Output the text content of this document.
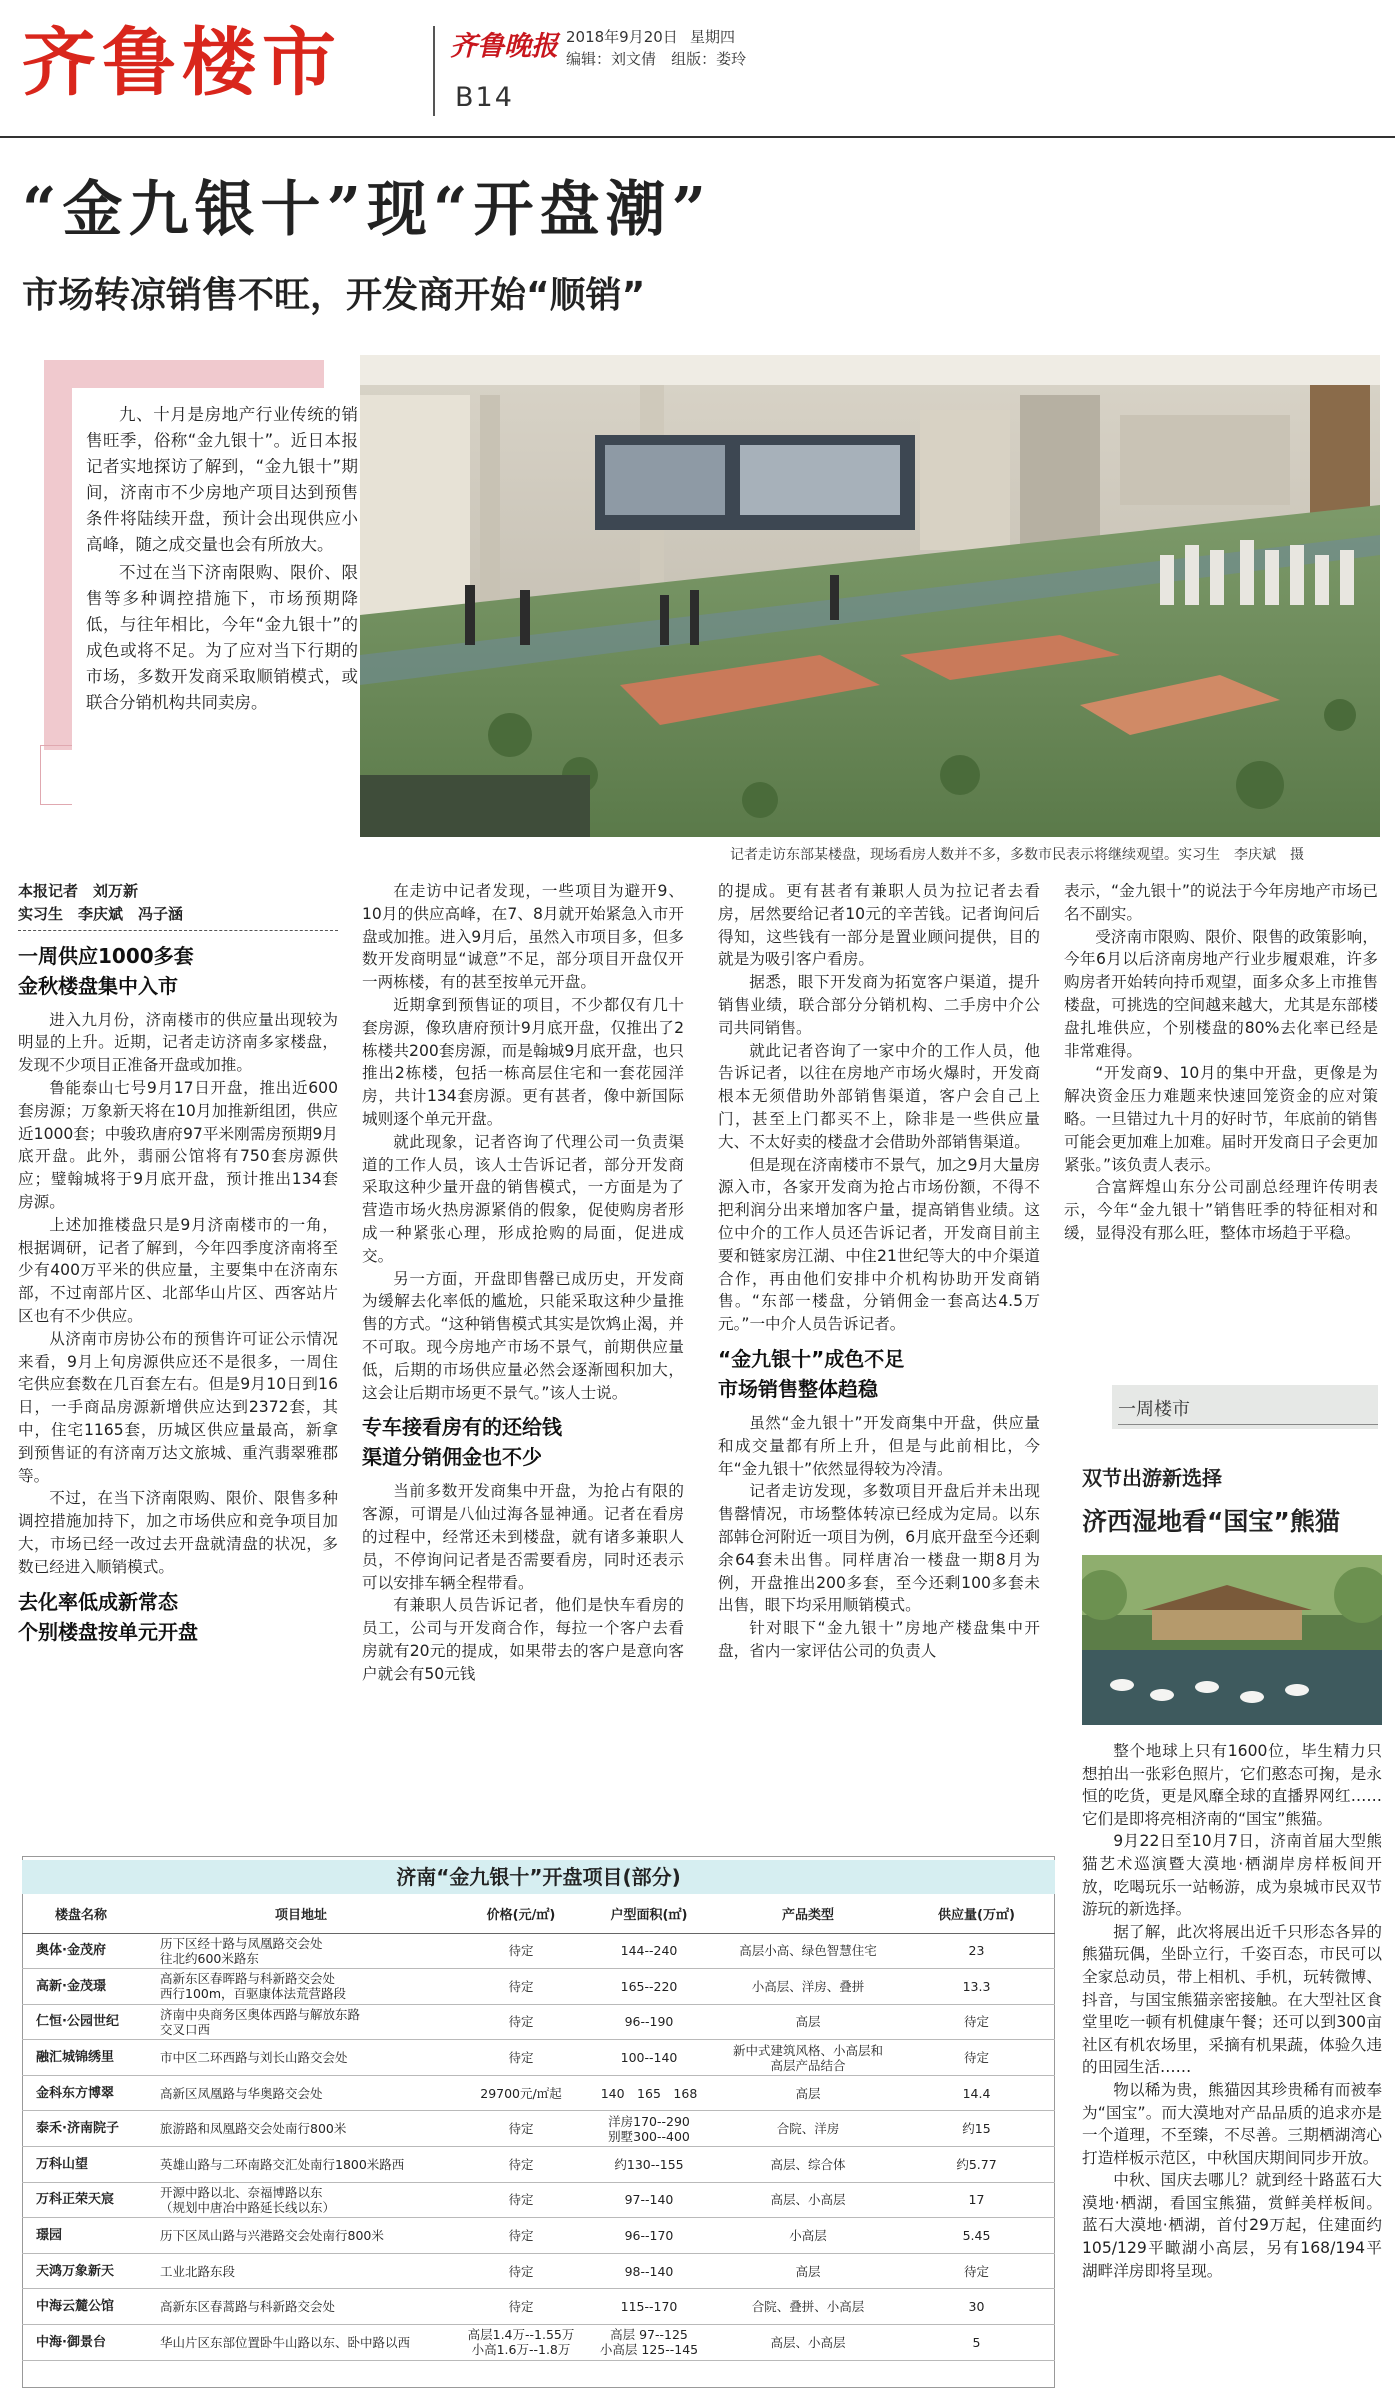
齐鲁楼市	齐鲁晚报 2018年9月20日 星期四
编辑：刘文倩　 组版：娄玲
B14
“金九银十”现“开盘潮”
市场转凉销售不旺，开发商开始“顺销”

九、十月是房地产行业传统的销售旺季，俗称“金九银十”。近日本报记者实地探访了解到，“金九银十”期间，济南市不少房地产项目达到预售条件将陆续开盘，预计会出现供应小高峰，随之成交量也会有所放大。

不过在当下济南限购、限价、限售等多种调控措施下，市场预期降低，与往年相比，今年“金九银十”的成色或将不足。为了应对当下行期的市场，多数开发商采取顺销模式，或联合分销机构共同卖房。

记者走访东部某楼盘，现场看房人数并不多，多数市民表示将继续观望。实习生　李庆斌　摄

本报记者　刘万新

实习生　李庆斌　冯子涵

一周供应1000多套
金秋楼盘集中入市

进入九月份，济南楼市的供应量出现较为明显的上升。近期，记者走访济南多家楼盘，发现不少项目正准备开盘或加推。

鲁能泰山七号9月17日开盘，推出近600套房源；万象新天将在10月加推新组团，供应近1000套；中骏玖唐府97平米刚需房预期9月底开盘。此外，翡丽公馆将有750套房源供应；璧翰城将于9月底开盘，预计推出134套房源。

上述加推楼盘只是9月济南楼市的一角，根据调研，记者了解到，今年四季度济南将至少有400万平米的供应量，主要集中在济南东部，不过南部片区、北部华山片区、西客站片区也有不少供应。

从济南市房协公布的预售许可证公示情况来看，9月上旬房源供应还不是很多，一周住宅供应套数在几百套左右。但是9月10日到16日，一手商品房源新增供应达到2372套，其中，住宅1165套，历城区供应量最高，新拿到预售证的有济南万达文旅城、重汽翡翠雅郡等。

不过，在当下济南限购、限价、限售多种调控措施加持下，加之市场供应和竞争项目加大，市场已经一改过去开盘就清盘的状况，多数已经进入顺销模式。

去化率低成新常态
个别楼盘按单元开盘

在走访中记者发现，一些项目为避开9、10月的供应高峰，在7、8月就开始紧急入市开盘或加推。进入9月后，虽然入市项目多，但多数开发商明显“诚意”不足，部分项目开盘仅开一两栋楼，有的甚至按单元开盘。

近期拿到预售证的项目，不少都仅有几十套房源，像玖唐府预计9月底开盘，仅推出了2栋楼共200套房源，而是翰城9月底开盘，也只推出2栋楼，包括一栋高层住宅和一套花园洋房，共计134套房源。更有甚者，像中新国际城则逐个单元开盘。

就此现象，记者咨询了代理公司一负责渠道的工作人员，该人士告诉记者，部分开发商采取这种少量开盘的销售模式，一方面是为了营造市场火热房源紧俏的假象，促使购房者形成一种紧张心理，形成抢购的局面，促进成交。

另一方面，开盘即售罄已成历史，开发商为缓解去化率低的尴尬，只能采取这种少量推售的方式。“这种销售模式其实是饮鸩止渴，并不可取。现今房地产市场不景气，前期供应量低，后期的市场供应量必然会逐渐囤积加大，这会让后期市场更不景气。”该人士说。

专车接看房有的还给钱
渠道分销佣金也不少

当前多数开发商集中开盘，为抢占有限的客源，可谓是八仙过海各显神通。记者在看房的过程中，经常还未到楼盘，就有诸多兼职人员，不停询问记者是否需要看房，同时还表示可以安排车辆全程带看。

有兼职人员告诉记者，他们是快车看房的员工，公司与开发商合作，每拉一个客户去看房就有20元的提成，如果带去的客户是意向客户就会有50元钱

的提成。更有甚者有兼职人员为拉记者去看房，居然要给记者10元的辛苦钱。记者询问后得知，这些钱有一部分是置业顾问提供，目的就是为吸引客户看房。

据悉，眼下开发商为拓宽客户渠道，提升销售业绩，联合部分分销机构、二手房中介公司共同销售。

就此记者咨询了一家中介的工作人员，他告诉记者，以往在房地产市场火爆时，开发商根本无须借助外部销售渠道，客户会自己上门，甚至上门都买不上，除非是一些供应量大、不太好卖的楼盘才会借助外部销售渠道。

但是现在济南楼市不景气，加之9月大量房源入市，各家开发商为抢占市场份额，不得不把利润分出来增加客户量，提高销售业绩。这位中介的工作人员还告诉记者，开发商目前主要和链家房江湖、中住21世纪等大的中介渠道合作，再由他们安排中介机构协助开发商销售。“东部一楼盘，分销佣金一套高达4.5万元。”一中介人员告诉记者。

“金九银十”成色不足
市场销售整体趋稳

虽然“金九银十”开发商集中开盘，供应量和成交量都有所上升，但是与此前相比，今年“金九银十”依然显得较为冷清。

记者走访发现，多数项目开盘后并未出现售罄情况，市场整体转凉已经成为定局。以东部韩仓河附近一项目为例，6月底开盘至今还剩余64套未出售。同样唐冶一楼盘一期8月为例，开盘推出200多套，至今还剩100多套未出售，眼下均采用顺销模式。

针对眼下“金九银十”房地产楼盘集中开盘，省内一家评估公司的负责人

表示，“金九银十”的说法于今年房地产市场已名不副实。

受济南市限购、限价、限售的政策影响，今年6月以后济南房地产行业步履艰难，许多购房者开始转向持币观望，面多众多上市推售楼盘，可挑选的空间越来越大，尤其是东部楼盘扎堆供应，个别楼盘的80%去化率已经是非常难得。

“开发商9、10月的集中开盘，更像是为解决资金压力难题来快速回笼资金的应对策略。一旦错过九十月的好时节，年底前的销售可能会更加难上加难。届时开发商日子会更加紧张。”该负责人表示。

合富辉煌山东分公司副总经理许传明表示，今年“金九银十”销售旺季的特征相对和缓，显得没有那么旺，整体市场趋于平稳。

一周楼市
双节出游新选择
济西湿地看“国宝”熊猫

整个地球上只有1600位，毕生精力只想拍出一张彩色照片，它们憨态可掬，是永恒的吃货，更是风靡全球的直播界网红……它们是即将亮相济南的“国宝”熊猫。

9月22日至10月7日，济南首届大型熊猫艺术巡演暨大漠地·栖湖岸房样板间开放，吃喝玩乐一站畅游，成为泉城市民双节游玩的新选择。

据了解，此次将展出近千只形态各异的熊猫玩偶，坐卧立行，千姿百态，市民可以全家总动员，带上相机、手机，玩转微博、抖音，与国宝熊猫亲密接触。在大型社区食堂里吃一顿有机健康午餐；还可以到300亩社区有机农场里，采摘有机果蔬，体验久违的田园生活……

物以稀为贵，熊猫因其珍贵稀有而被奉为“国宝”。而大漠地对产品品质的追求亦是一个道理，不至臻，不尽善。三期栖湖湾心打造样板示范区，中秋国庆期间同步开放。

中秋、国庆去哪儿？就到经十路蓝石大漠地·栖湖，看国宝熊猫，赏鲜美样板间。蓝石大漠地·栖湖，首付29万起，住建面约105/129平瞰湖小高层，另有168/194平湖畔洋房即将呈现。

济南“金九银十”开盘项目(部分)
楼盘名称	项目地址	价格(元/㎡)	户型面积(㎡)	产品类型	供应量(万㎡)
奥体·金茂府	历下区经十路与凤凰路交会处
往北约600米路东	待定	144--240	高层小高、绿色智慧住宅	23
高新·金茂璟	高新东区春晖路与科新路交会处
西行100m，百驱康体法荒营路段	待定	165--220	小高层、洋房、叠拼	13.3
仁恒·公园世纪	济南中央商务区奥体西路与解放东路
交叉口西	待定	96--190	高层	待定
融汇城锦绣里	市中区二环西路与刘长山路交会处	待定	100--140	新中式建筑风格、小高层和
高层产品结合	待定
金科东方博翠	高新区凤凰路与华奥路交会处	29700元/㎡起	140　165　168	高层	14.4
泰禾·济南院子	旅游路和凤凰路交会处南行800米	待定	洋房170--290
别墅300--400	合院、洋房	约15
万科山望	英雄山路与二环南路交汇处南行1800米路西	待定	约130--155	高层、综合体	约5.77
万科正荣天宸	开源中路以北、奈福博路以东
（规划中唐冶中路延长线以东）	待定	97--140	高层、小高层	17
璟园	历下区凤山路与兴港路交会处南行800米	待定	96--170	小高层	5.45
天鸿万象新天	工业北路东段	待定	98--140	高层	待定
中海云麓公馆	高新东区春蒿路与科新路交会处	待定	115--170	合院、叠拼、小高层	30
中海·御景台	华山片区东部位置卧牛山路以东、卧中路以西	高层1.4万--1.55万
小高1.6万--1.8万	高层 97--125
小高层 125--145	高层、小高层	5
